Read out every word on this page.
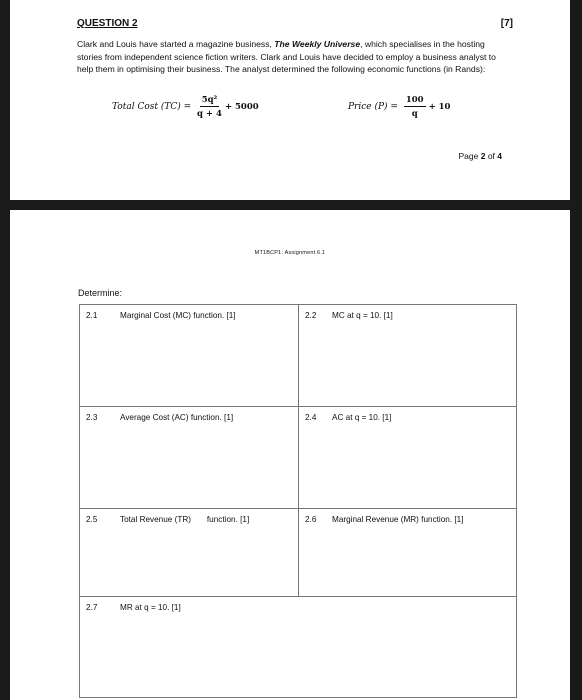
QUESTION 2	[7]
Clark and Louis have started a magazine business, The Weekly Universe, which specialises in the hosting stories from independent science fiction writers. Clark and Louis have decided to employ a business analyst to help them in optimising their business. The analyst determined the following economic functions (in Rands):
Total Cost $(TC) = \frac{\text{5q²}}{q + 4} + 5000$	Price $(P) = \frac{100}{q} + 10$
Page 2 of 4
MT1BCP1: Assignment 6.1
Determine:
2.1	Marginal Cost (MC) function. [1]	2.2 MC at q = 10. [1]
2.3	Average Cost (AC) function. [1]	2.4 AC at q = 10. [1]
2.5	Total Revenue (TR)       function. [1]	2.6 Marginal Revenue (MR) function. [1]
2.7	MR at q = 10. [1]
